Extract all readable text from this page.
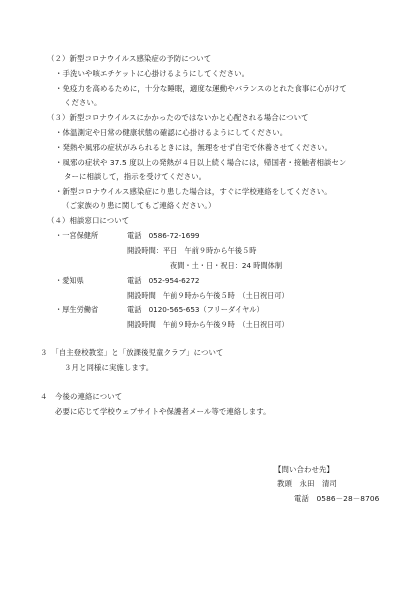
（２）新型コロナウイルス感染症の予防について
・手洗いや咳エチケットに心掛けるようにしてください。
・免疫力を高めるために，十分な睡眠，適度な運動やバランスのとれた食事に心がけて
ください。
（３）新型コロナウイルスにかかったのではないかと心配される場合について
・体温測定や日常の健康状態の確認に心掛けるようにしてください。
・発熱や風邪の症状がみられるときには，無理をせず自宅で休養させてください。
・風邪の症状や 37.5 度以上の発熱が４日以上続く場合には，帰国者・接触者相談セン
ターに相談して，指示を受けてください。
・新型コロナウイルス感染症にり患した場合は，すぐに学校連絡をしてください。
（ご家族のり患に関してもご連絡ください。）
（４）相談窓口について
・一宮保健所	電話　0586-72-1699
開設時間：平日　午前９時から午後５時
夜間・土・日・祝日：24 時間体制
・愛知県	電話　052-954-6272
開設時間　午前９時から午後５時　（土日祝日可）
・厚生労働省	電話　0120-565-653（フリーダイヤル）
開設時間　午前９時から午後９時　（土日祝日可）
３　「自主登校教室」と「放課後児童クラブ」について
３月と同様に実施します。
４　今後の連絡について
必要に応じて学校ウェブサイトや保護者メール等で連絡します。
【問い合わせ先】
教頭　永田　清司
電話　0586－28－8706
